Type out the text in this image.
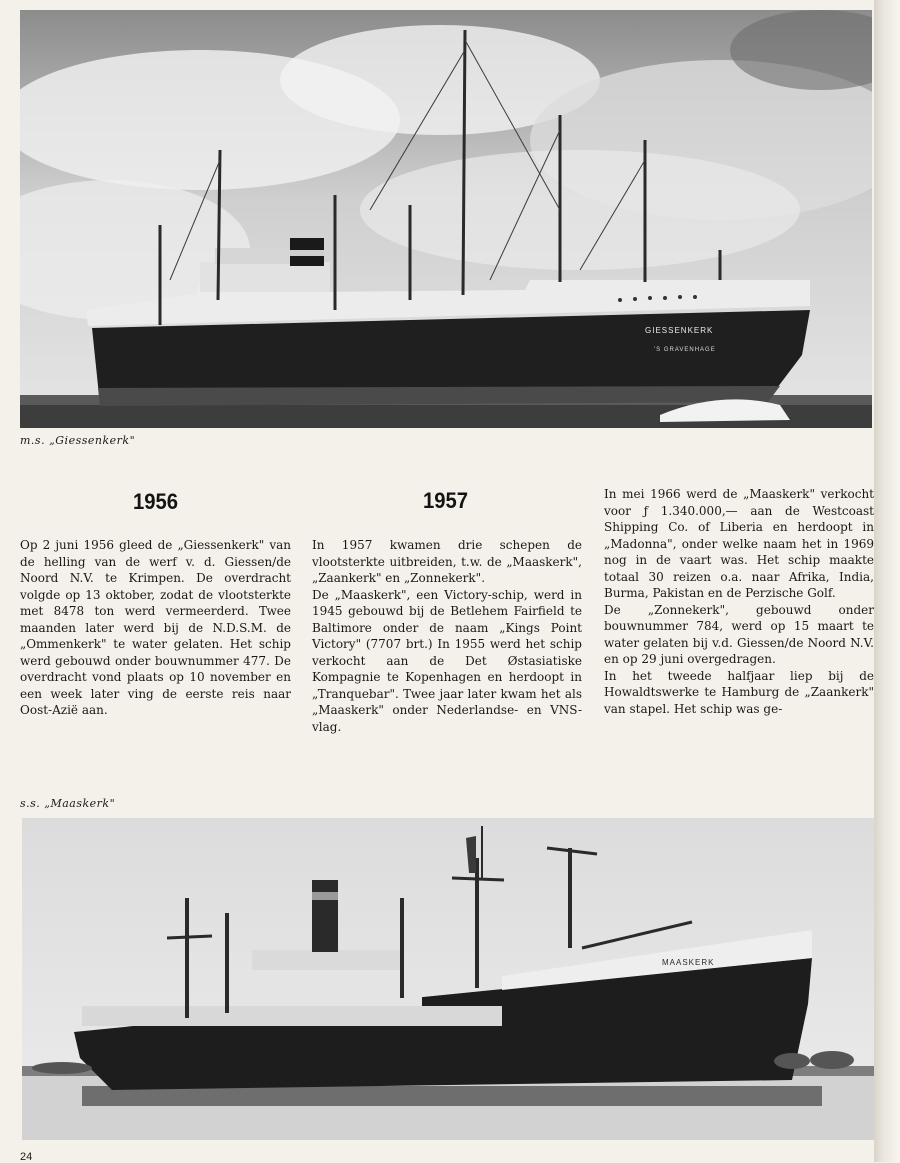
GIESSENKERK
'S GRAVENHAGE
m.s. „Giessenkerk"
1956	1957

Op 2 juni 1956 gleed de „Giessenkerk" van de helling van de werf v. d. Giessen/de Noord N.V. te Krimpen. De overdracht volgde op 13 oktober, zodat de vlootsterkte met 8478 ton werd vermeerderd. Twee maanden later werd bij de N.D.S.M. de „Ommenkerk" te water gelaten. Het schip werd gebouwd onder bouwnummer 477. De overdracht vond plaats op 10 november en een week later ving de eerste reis naar Oost-Azië aan.

In 1957 kwamen drie schepen de vlootsterkte uitbreiden, t.w. de „Maaskerk", „Zaankerk" en „Zonnekerk".

De „Maaskerk", een Victory-schip, werd in 1945 gebouwd bij de Betlehem Fairfield te Baltimore onder de naam „Kings Point Victory" (7707 brt.) In 1955 werd het schip verkocht aan de Det Østasiatiske Kompagnie te Kopenhagen en herdoopt in „Tranquebar". Twee jaar later kwam het als „Maaskerk" onder Nederlandse- en VNS-vlag.

In mei 1966 werd de „Maaskerk" verkocht voor ƒ 1.340.000,— aan de Westcoast Shipping Co. of Liberia en herdoopt in „Madonna", onder welke naam het in 1969 nog in de vaart was. Het schip maakte totaal 30 reizen o.a. naar Afrika, India, Burma, Pakistan en de Perzische Golf.

De „Zonnekerk", gebouwd onder bouwnummer 784, werd op 15 maart te water gelaten bij v.d. Giessen/de Noord N.V. en op 29 juni overgedragen.

In het tweede halfjaar liep bij de Howaldtswerke te Hamburg de „Zaankerk" van stapel. Het schip was ge-

s.s. „Maaskerk"
MAASKERK
24
